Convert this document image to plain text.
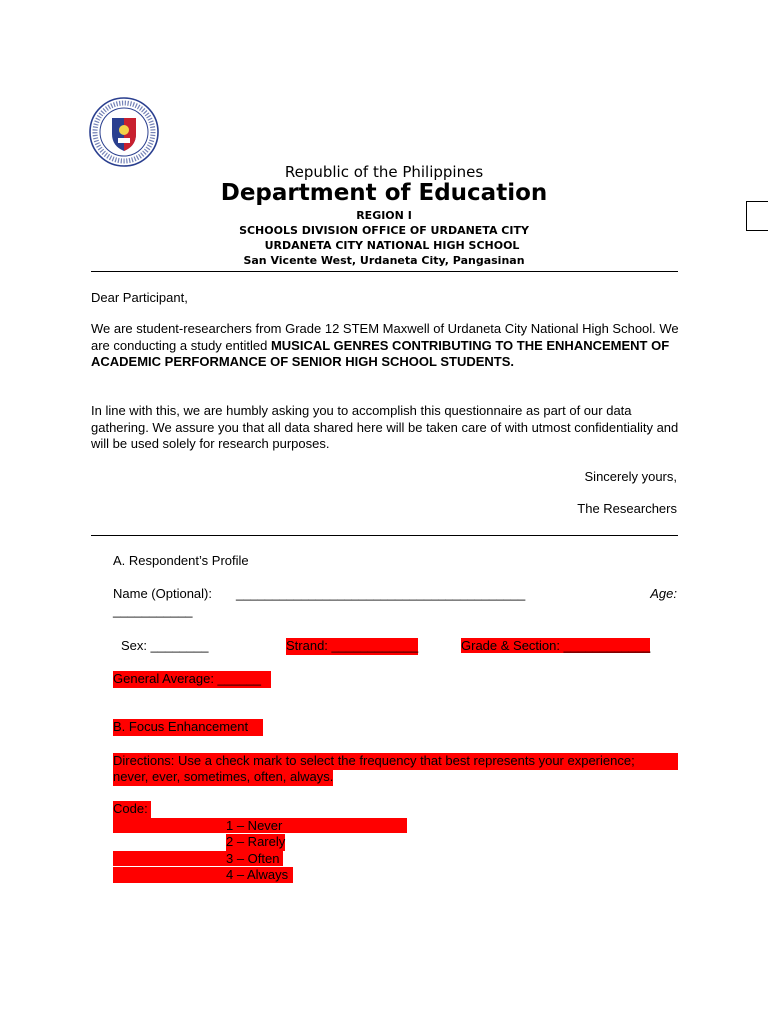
Republic of the Philippines
Department of Education
REGION I
SCHOOLS DIVISION OFFICE OF URDANETA CITY
URDANETA CITY NATIONAL HIGH SCHOOL
San Vicente West, Urdaneta City, Pangasinan
Dear Participant,
We are student-researchers from Grade 12 STEM Maxwell of Urdaneta City National High School. We are conducting a study entitled MUSICAL GENRES CONTRIBUTING TO THE ENHANCEMENT OF ACADEMIC PERFORMANCE OF SENIOR HIGH SCHOOL STUDENTS.
In line with this, we are humbly asking you to accomplish this questionnaire as part of our data gathering. We assure you that all data shared here will be taken care of with utmost confidentiality and will be used solely for research purposes.
Sincerely yours,
The Researchers
A. Respondent’s Profile
Name (Optional): ________________________________________	Age:
___________
Sex: ________	Strand: ____________	Grade & Section: ____________
General Average: ______
B. Focus Enhancement
Directions: Use a check mark to select the frequency that best represents your experience;
never, ever, sometimes, often, always.
Code:
1 – Never
2 – Rarely
3 – Often
4 – Always
